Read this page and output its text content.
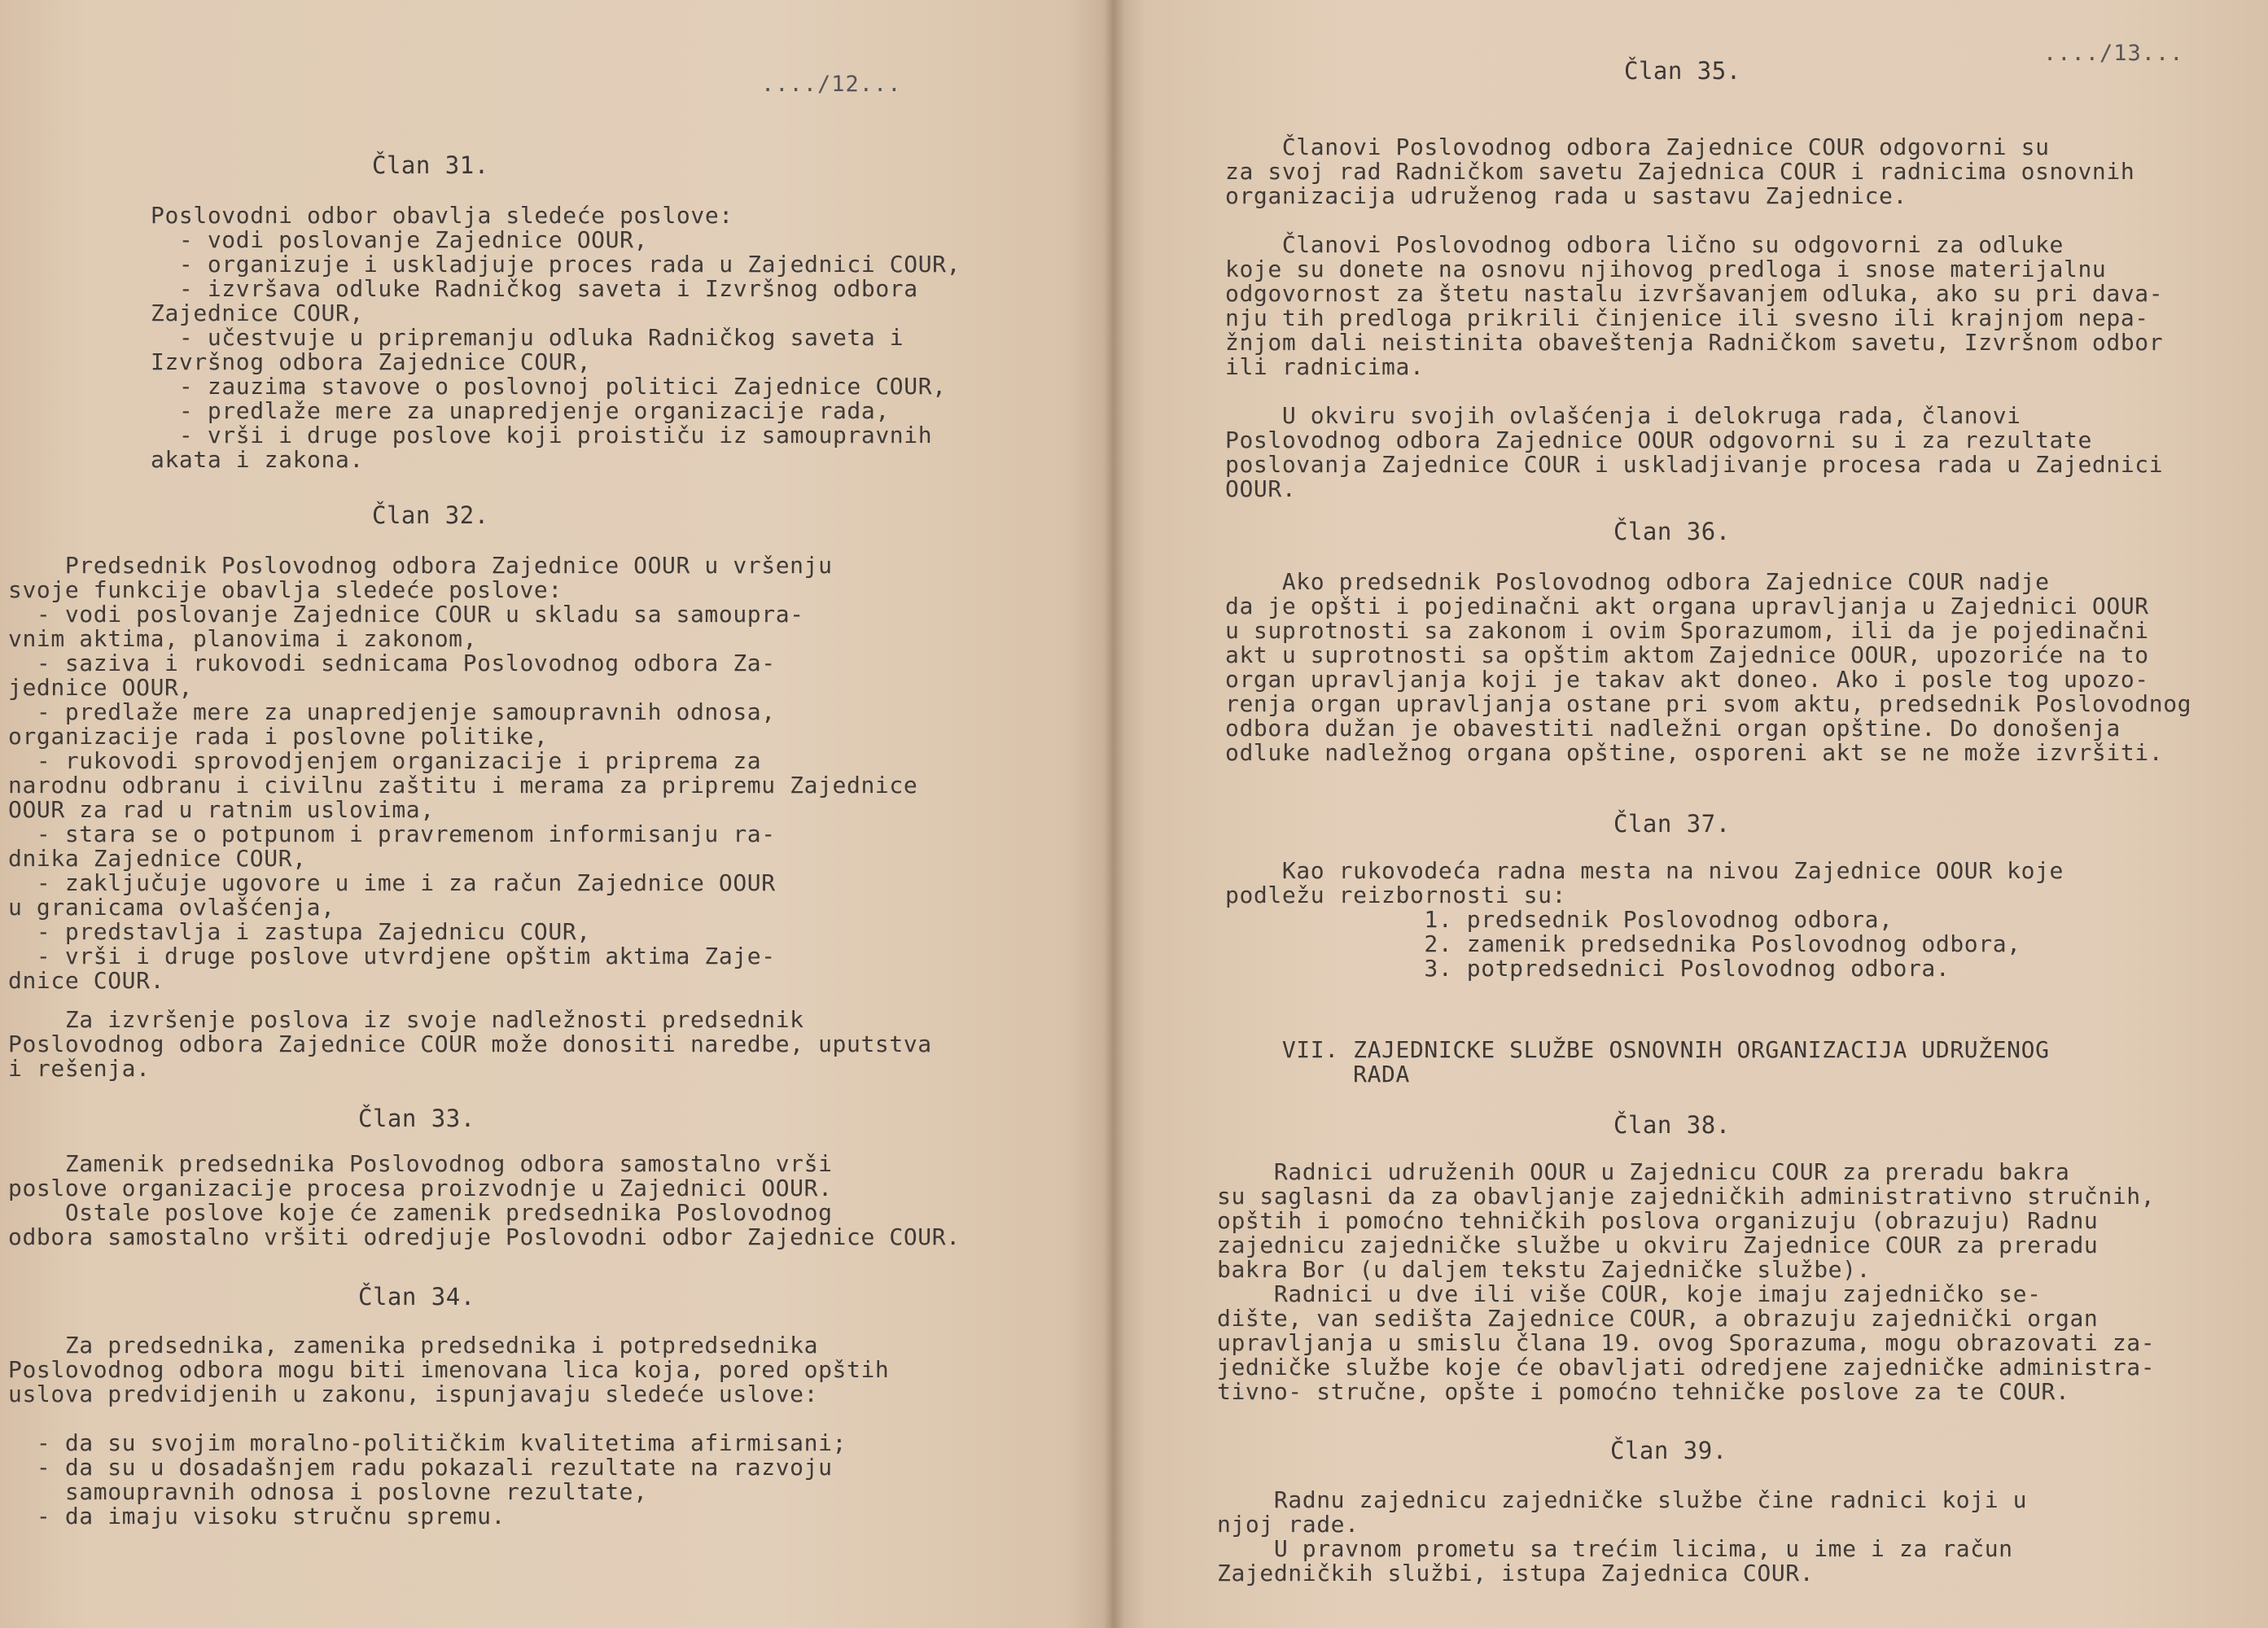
..../12...
Član 31.
Poslovodni odbor obavlja sledeće poslove:
- vodi poslovanje Zajednice OOUR,
- organizuje i uskladjuje proces rada u Zajednici COUR,
- izvršava odluke Radničkog saveta i Izvršnog odbora
Zajednice COUR,
- učestvuje u pripremanju odluka Radničkog saveta i
Izvršnog odbora Zajednice COUR,
- zauzima stavove o poslovnoj politici Zajednice COUR,
- predlaže mere za unapredjenje organizacije rada,
- vrši i druge poslove koji proističu iz samoupravnih
akata i zakona.
Član 32.
Predsednik Poslovodnog odbora Zajednice OOUR u vršenju
svoje funkcije obavlja sledeće poslove:
- vodi poslovanje Zajednice COUR u skladu sa samoupra-
vnim aktima, planovima i zakonom,
- saziva i rukovodi sednicama Poslovodnog odbora Za-
jednice OOUR,
- predlaže mere za unapredjenje samoupravnih odnosa,
organizacije rada i poslovne politike,
- rukovodi sprovodjenjem organizacije i priprema za
narodnu odbranu i civilnu zaštitu i merama za pripremu Zajednice
OOUR za rad u ratnim uslovima,
- stara se o potpunom i pravremenom informisanju ra-
dnika Zajednice COUR,
- zaključuje ugovore u ime i za račun Zajednice OOUR
u granicama ovlašćenja,
- predstavlja i zastupa Zajednicu COUR,
- vrši i druge poslove utvrdjene opštim aktima Zaje-
dnice COUR.
Za izvršenje poslova iz svoje nadležnosti predsednik
Poslovodnog odbora Zajednice COUR može donositi naredbe, uputstva
i rešenja.
Član 33.
Zamenik predsednika Poslovodnog odbora samostalno vrši
poslove organizacije procesa proizvodnje u Zajednici OOUR.
Ostale poslove koje će zamenik predsednika Poslovodnog
odbora samostalno vršiti odredjuje Poslovodni odbor Zajednice COUR.
Član 34.
Za predsednika, zamenika predsednika i potpredsednika
Poslovodnog odbora mogu biti imenovana lica koja, pored opštih
uslova predvidjenih u zakonu, ispunjavaju sledeće uslove:
- da su svojim moralno-političkim kvalitetima afirmisani;
- da su u dosadašnjem radu pokazali rezultate na razvoju
samoupravnih odnosa i poslovne rezultate,
- da imaju visoku stručnu spremu.
..../13...
Član 35.
Članovi Poslovodnog odbora Zajednice COUR odgovorni su
za svoj rad Radničkom savetu Zajednica COUR i radnicima osnovnih
organizacija udruženog rada u sastavu Zajednice.
Članovi Poslovodnog odbora lično su odgovorni za odluke
koje su donete na osnovu njihovog predloga i snose materijalnu
odgovornost za štetu nastalu izvršavanjem odluka, ako su pri dava-
nju tih predloga prikrili činjenice ili svesno ili krajnjom nepa-
žnjom dali neistinita obaveštenja Radničkom savetu, Izvršnom odbor
ili radnicima.
U okviru svojih ovlašćenja i delokruga rada, članovi
Poslovodnog odbora Zajednice OOUR odgovorni su i za rezultate
poslovanja Zajednice COUR i uskladjivanje procesa rada u Zajednici
OOUR.
Član 36.
Ako predsednik Poslovodnog odbora Zajednice COUR nadje
da je opšti i pojedinačni akt organa upravljanja u Zajednici OOUR
u suprotnosti sa zakonom i ovim Sporazumom, ili da je pojedinačni
akt u suprotnosti sa opštim aktom Zajednice OOUR, upozoriće na to
organ upravljanja koji je takav akt doneo. Ako i posle tog upozo-
renja organ upravljanja ostane pri svom aktu, predsednik Poslovodnog
odbora dužan je obavestiti nadležni organ opštine. Do donošenja
odluke nadležnog organa opštine, osporeni akt se ne može izvršiti.
Član 37.
Kao rukovodeća radna mesta na nivou Zajednice OOUR koje
podležu reizbornosti su:
1. predsednik Poslovodnog odbora,
2. zamenik predsednika Poslovodnog odbora,
3. potpredsednici Poslovodnog odbora.
VII. ZAJEDNICKE SLUŽBE OSNOVNIH ORGANIZACIJA UDRUŽENOG
RADA
Član 38.
Radnici udruženih OOUR u Zajednicu COUR za preradu bakra
su saglasni da za obavljanje zajedničkih administrativno stručnih,
opštih i pomoćno tehničkih poslova organizuju (obrazuju) Radnu
zajednicu zajedničke službe u okviru Zajednice COUR za preradu
bakra Bor (u daljem tekstu Zajedničke službe).
Radnici u dve ili više COUR, koje imaju zajedničko se-
dište, van sedišta Zajednice COUR, a obrazuju zajednički organ
upravljanja u smislu člana 19. ovog Sporazuma, mogu obrazovati za-
jedničke službe koje će obavljati odredjene zajedničke administra-
tivno- stručne, opšte i pomoćno tehničke poslove za te COUR.
Član 39.
Radnu zajednicu zajedničke službe čine radnici koji u
njoj rade.
U pravnom prometu sa trećim licima, u ime i za račun
Zajedničkih službi, istupa Zajednica COUR.
